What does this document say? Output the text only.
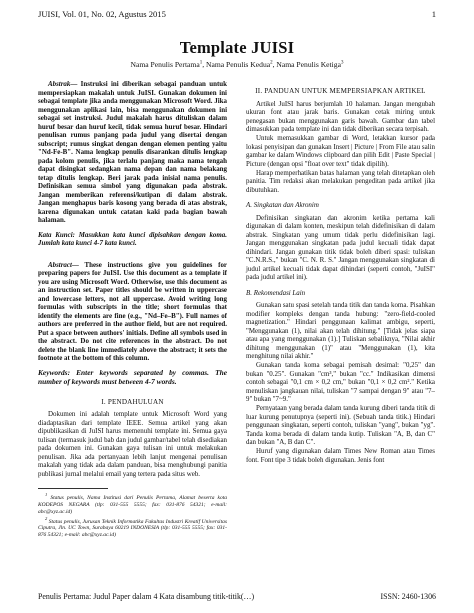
JUISI, Vol. 01, No. 02, Agustus 2015	1
Template JUISI
Nama Penulis Pertama$^1$, Nama Penulis Kedua$^2$, Nama Penulis Ketiga$^3$

Abstrak— Instruksi ini diberikan sebagai panduan untuk mempersiapkan makalah untuk JuISI. Gunakan dokumen ini sebagai template jika anda menggunakan Microsoft Word. Jika menggunakan aplikasi lain, bisa menggunakan dokumen ini sebagai set instruksi. Judul makalah harus dituliskan dalam huruf besar dan huruf kecil, tidak semua huruf besar. Hindari penulisan rumus panjang pada judul yang disertai dengan subscript; rumus singkat dengan dengan elemen penting yaitu "Nd-Fe-B". Nama lengkap penulis disarankan ditulis lengkap pada kolom penulis, jika terlalu panjang maka nama tengah dapat disingkat sedangkan nama depan dan nama belakang tetap ditulis lengkap. Beri jarak pada inisial nama penulis. Definisikan semua simbol yang digunakan pada abstrak. Jangan memberikan referensi/kutipan di dalam abstrak. Jangan menghapus baris kosong yang berada di atas abstrak, karena digunakan untuk catatan kaki pada bagian bawah halaman.

Kata Kunci: Masukkan kata kunci dipisahkan dengan koma. Jumlah kata kunci 4-7 kata kunci.

Abstract— These instructions give you guidelines for preparing papers for JuISI. Use this document as a template if you are using Microsoft Word. Otherwise, use this document as an instruction set. Paper titles should be written in uppercase and lowercase letters, not all uppercase. Avoid writing long formulas with subscripts in the title; short formulas that identify the elements are fine (e.g., "Nd–Fe–B"). Full names of authors are preferred in the author field, but are not required. Put a space between authors' initials. Define all symbols used in the abstract. Do not cite references in the abstract. Do not delete the blank line immediately above the abstract; it sets the footnote at the bottom of this column.

Keywords: Enter keywords separated by commas. The number of keywords must between 4-7 words.
I. PENDAHULUAN

Dokumen ini adalah template untuk Microsoft Word yang diadaptasikan dari template IEEE. Semua artikel yang akan dipublikasikan di JuISI harus memenuhi template ini. Semua gaya tulisan (termasuk judul bab dan judul gambar/tabel telah disediakan pada dokumen ini. Gunakan gaya tulisan ini untuk melakukan penulisan. Jika ada pertanyaan lebih lanjut mengenai penulisan makalah yang tidak ada dalam panduan, bisa menghubungi panitia publikasi jurnal melalui email yang tertera pada situs web.

$^1$ Status penulis, Nama Institusi dari Penulis Pertama, Alamat beserta kota KODEPOS NEGARA (tlp: 031-555 5555; fax: 031-876 54321; e-mail: abc@xyz.ac.id)

$^2$ Status penulis, Jurusan Teknik Informatika Fakultas Industri Kreatif Universitas Ciputra, Jln. UC Town, Surabaya 60219 INDONESIA (tlp: 031-555 5555; fax: 031-876 54321; e-mail: abc@xyz.ac.id)

II. PANDUAN UNTUK MEMPERSIAPKAN ARTIKEL

Artikel JuISI harus berjumlah 10 halaman. Jangan mengubah ukuran font atau jarak baris. Gunakan cetak miring untuk penegasan bukan menggunakan garis bawah. Gambar dan tabel dimasukkan pada template ini dan tidak diberikan secara terpisah.

Untuk memasukkan gambar di Word, letakkan kursor pada lokasi penyisipan dan gunakan Insert | Picture | From File atau salin gambar ke dalam Windows clipboard dan pilih Edit | Paste Special | Picture (dengan opsi "float over text" tidak dipilih).

Harap memperhatikan batas halaman yang telah ditetapkan oleh panitia. Tim redaksi akan melakukan pengeditan pada artikel jika dibutuhkan.

A. Singkatan dan Akronim

Definisikan singkatan dan akronim ketika pertama kali digunakan di dalam konten, meskipun telah didefinisikan di dalam abstrak. Singkatan yang umum tidak perlu didefinisikan lagi. Jangan menggunakan singkatan pada judul kecuali tidak dapat dihindari. Jangan gunakan titik tidak boleh diberi spasi: tuliskan "C.N.R.S.," bukan "C. N. R. S." Jangan menggunakan singkatan di judul artikel kecuali tidak dapat dihindari (seperti contoh, "JuISI" pada judul artikel ini).

B. Rekomendasi Lain

Gunakan satu spasi setelah tanda titik dan tanda koma. Pisahkan modifier kompleks dengan tanda hubung: "zero-field-cooled magnetization." Hindari penggunaan kalimat ambigu, seperti, "Menggunakan (1), nilai akan telah dihitung." [Tidak jelas siapa atau apa yang menggunakan (1).] Tuliskan sebaliknya, "Nilai akhir dihitung menggunakan (1)" atau "Menggunakan (1), kita menghitung nilai akhir."

Gunakan tanda koma sebagai pemisah desimal: "0,25" dan bukan "0.25". Gunakan "cm³," bukan "cc." Indikasikan dimensi contoh sebagai "0,1 cm × 0,2 cm," bukan "0,1 × 0,2 cm²." Ketika menuliskan jangkauan nilai, tuliskan "7 sampai dengan 9" atau "7–9" bukan "7~9."

Pernyataan yang berada dalam tanda kurung diberi tanda titik di luar kurung penutupnya (seperti ini). (Sebuah tanda titik.) Hindari penggunaan singkatan, seperti contoh, tuliskan "yang", bukan "yg". Tanda koma berada di dalam tanda kutip. Tuliskan "A, B, dan C" dan bukan "A, B dan C".

Huruf yang digunakan dalam Times New Roman atau Times font. Font tipe 3 tidak boleh digunakan. Jenis font

Penulis Pertama: Judul Paper dalam 4 Kata disambung titik-titik(…)	ISSN: 2460-1306
